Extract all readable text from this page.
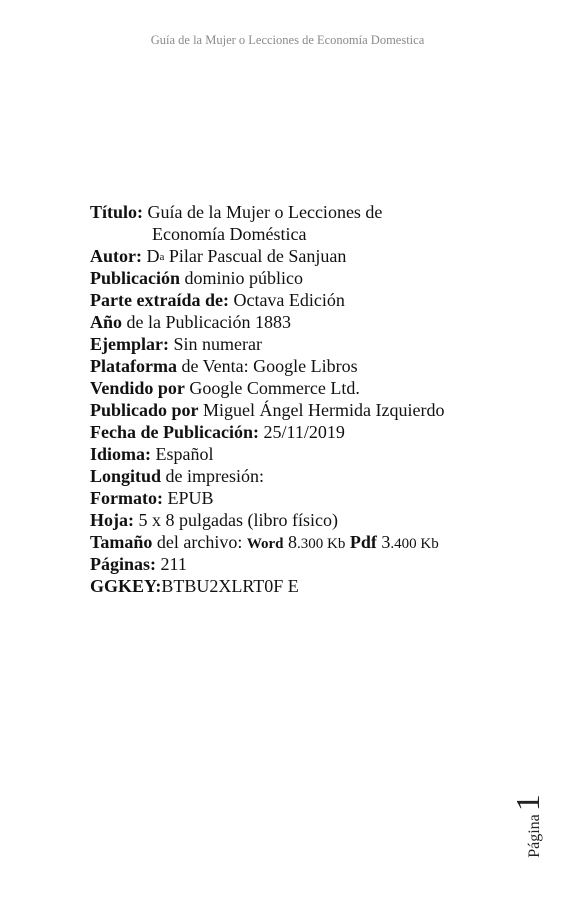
Guía de la Mujer o Lecciones de Economía Domestica
Título: Guía de la Mujer o Lecciones de
Economía Doméstica
Autor: $D^a$ Pilar Pascual de Sanjuan
Publicación dominio público
Parte extraída de: Octava Edición
Año de la Publicación 1883
Ejemplar: Sin numerar
Plataforma de Venta: Google Libros
Vendido por Google Commerce Ltd.
Publicado por Miguel Ángel Hermida Izquierdo
Fecha de Publicación: 25/11/2019
Idioma: Español
Longitud de impresión:
Formato: EPUB
Hoja: 5 x 8 pulgadas (libro físico)
Tamaño del archivo: Word 8.300 Kb Pdf 3.400 Kb
Páginas: 211
GGKEY:BTBU2XLRT0F E
Página
1
